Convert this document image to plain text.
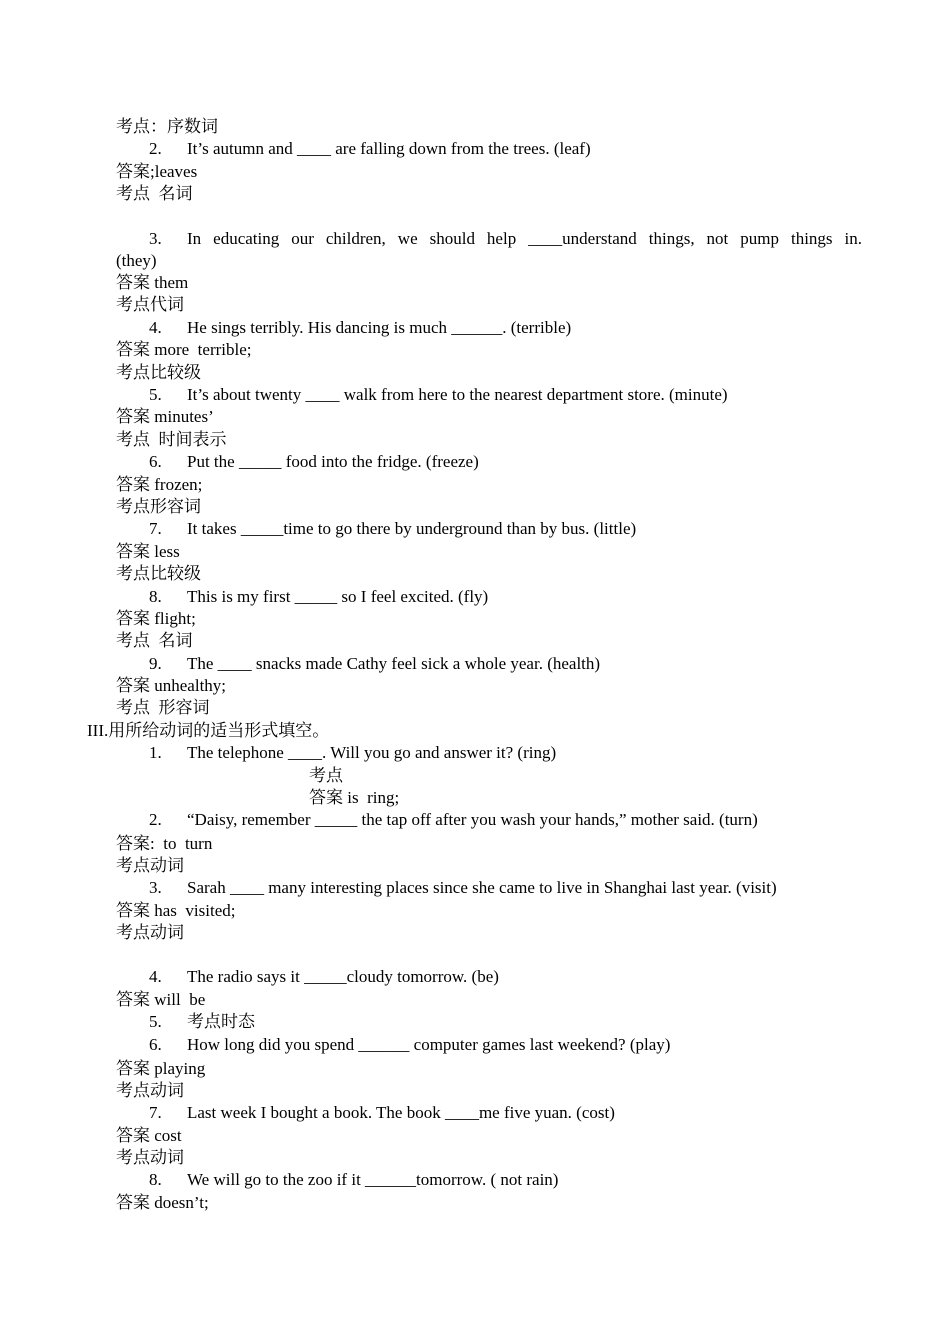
考点：序数词
2. It’s autumn and ____ are falling down from the trees. (leaf)
答案;leaves
考点  名词
3. In educating our children, we should help ____understand things, not pump things in.
(they)
答案 them
考点代词
4. He sings terribly. His dancing is much ______. (terrible)
答案 more  terrible;
考点比较级
5. It’s about twenty ____ walk from here to the nearest department store. (minute)
答案 minutes’
考点  时间表示
6. Put the _____ food into the fridge. (freeze)
答案 frozen;
考点形容词
7. It takes _____time to go there by underground than by bus. (little)
答案 less
考点比较级
8. This is my first _____ so I feel excited. (fly)
答案 flight;
考点  名词
9. The ____ snacks made Cathy feel sick a whole year. (health)
答案 unhealthy;
考点  形容词
III.用所给动词的适当形式填空。
1. The telephone ____. Will you go and answer it? (ring)
考点
答案 is  ring;
2. “Daisy, remember _____ the tap off after you wash your hands,” mother said. (turn)
答案:  to  turn
考点动词
3. Sarah ____ many interesting places since she came to live in Shanghai last year. (visit)
答案 has  visited;
考点动词
4. The radio says it _____cloudy tomorrow. (be)
答案 will  be
5. 考点时态
6. How long did you spend ______ computer games last weekend? (play)
答案 playing
考点动词
7. Last week I bought a book. The book ____me five yuan. (cost)
答案 cost
考点动词
8. We will go to the zoo if it ______tomorrow. ( not rain)
答案 doesn’t;
